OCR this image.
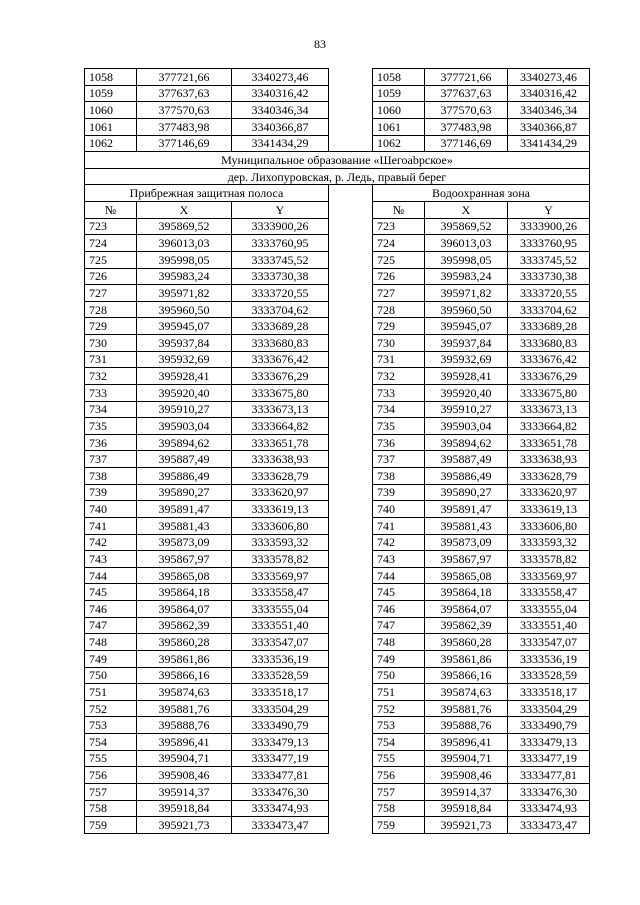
83
1058	377721,66	3340273,46		1058	377721,66	3340273,46
1059	377637,63	3340316,42		1059	377637,63	3340316,42
1060	377570,63	3340346,34		1060	377570,63	3340346,34
1061	377483,98	3340366,87		1061	377483,98	3340366,87
1062	377146,69	3341434,29		1062	377146,69	3341434,29
Муниципальное образование «Шегоabрское»						
дер. Лихопуровская, р. Ледь, правый берег						
Прибрежная защитная полоса				Водоохранная зона		
№	X	Y		№	X	Y
723	395869,52	3333900,26		723	395869,52	3333900,26
724	396013,03	3333760,95		724	396013,03	3333760,95
725	395998,05	3333745,52		725	395998,05	3333745,52
726	395983,24	3333730,38		726	395983,24	3333730,38
727	395971,82	3333720,55		727	395971,82	3333720,55
728	395960,50	3333704,62		728	395960,50	3333704,62
729	395945,07	3333689,28		729	395945,07	3333689,28
730	395937,84	3333680,83		730	395937,84	3333680,83
731	395932,69	3333676,42		731	395932,69	3333676,42
732	395928,41	3333676,29		732	395928,41	3333676,29
733	395920,40	3333675,80		733	395920,40	3333675,80
734	395910,27	3333673,13		734	395910,27	3333673,13
735	395903,04	3333664,82		735	395903,04	3333664,82
736	395894,62	3333651,78		736	395894,62	3333651,78
737	395887,49	3333638,93		737	395887,49	3333638,93
738	395886,49	3333628,79		738	395886,49	3333628,79
739	395890,27	3333620,97		739	395890,27	3333620,97
740	395891,47	3333619,13		740	395891,47	3333619,13
741	395881,43	3333606,80		741	395881,43	3333606,80
742	395873,09	3333593,32		742	395873,09	3333593,32
743	395867,97	3333578,82		743	395867,97	3333578,82
744	395865,08	3333569,97		744	395865,08	3333569,97
745	395864,18	3333558,47		745	395864,18	3333558,47
746	395864,07	3333555,04		746	395864,07	3333555,04
747	395862,39	3333551,40		747	395862,39	3333551,40
748	395860,28	3333547,07		748	395860,28	3333547,07
749	395861,86	3333536,19		749	395861,86	3333536,19
750	395866,16	3333528,59		750	395866,16	3333528,59
751	395874,63	3333518,17		751	395874,63	3333518,17
752	395881,76	3333504,29		752	395881,76	3333504,29
753	395888,76	3333490,79		753	395888,76	3333490,79
754	395896,41	3333479,13		754	395896,41	3333479,13
755	395904,71	3333477,19		755	395904,71	3333477,19
756	395908,46	3333477,81		756	395908,46	3333477,81
757	395914,37	3333476,30		757	395914,37	3333476,30
758	395918,84	3333474,93		758	395918,84	3333474,93
759	395921,73	3333473,47		759	395921,73	3333473,47
